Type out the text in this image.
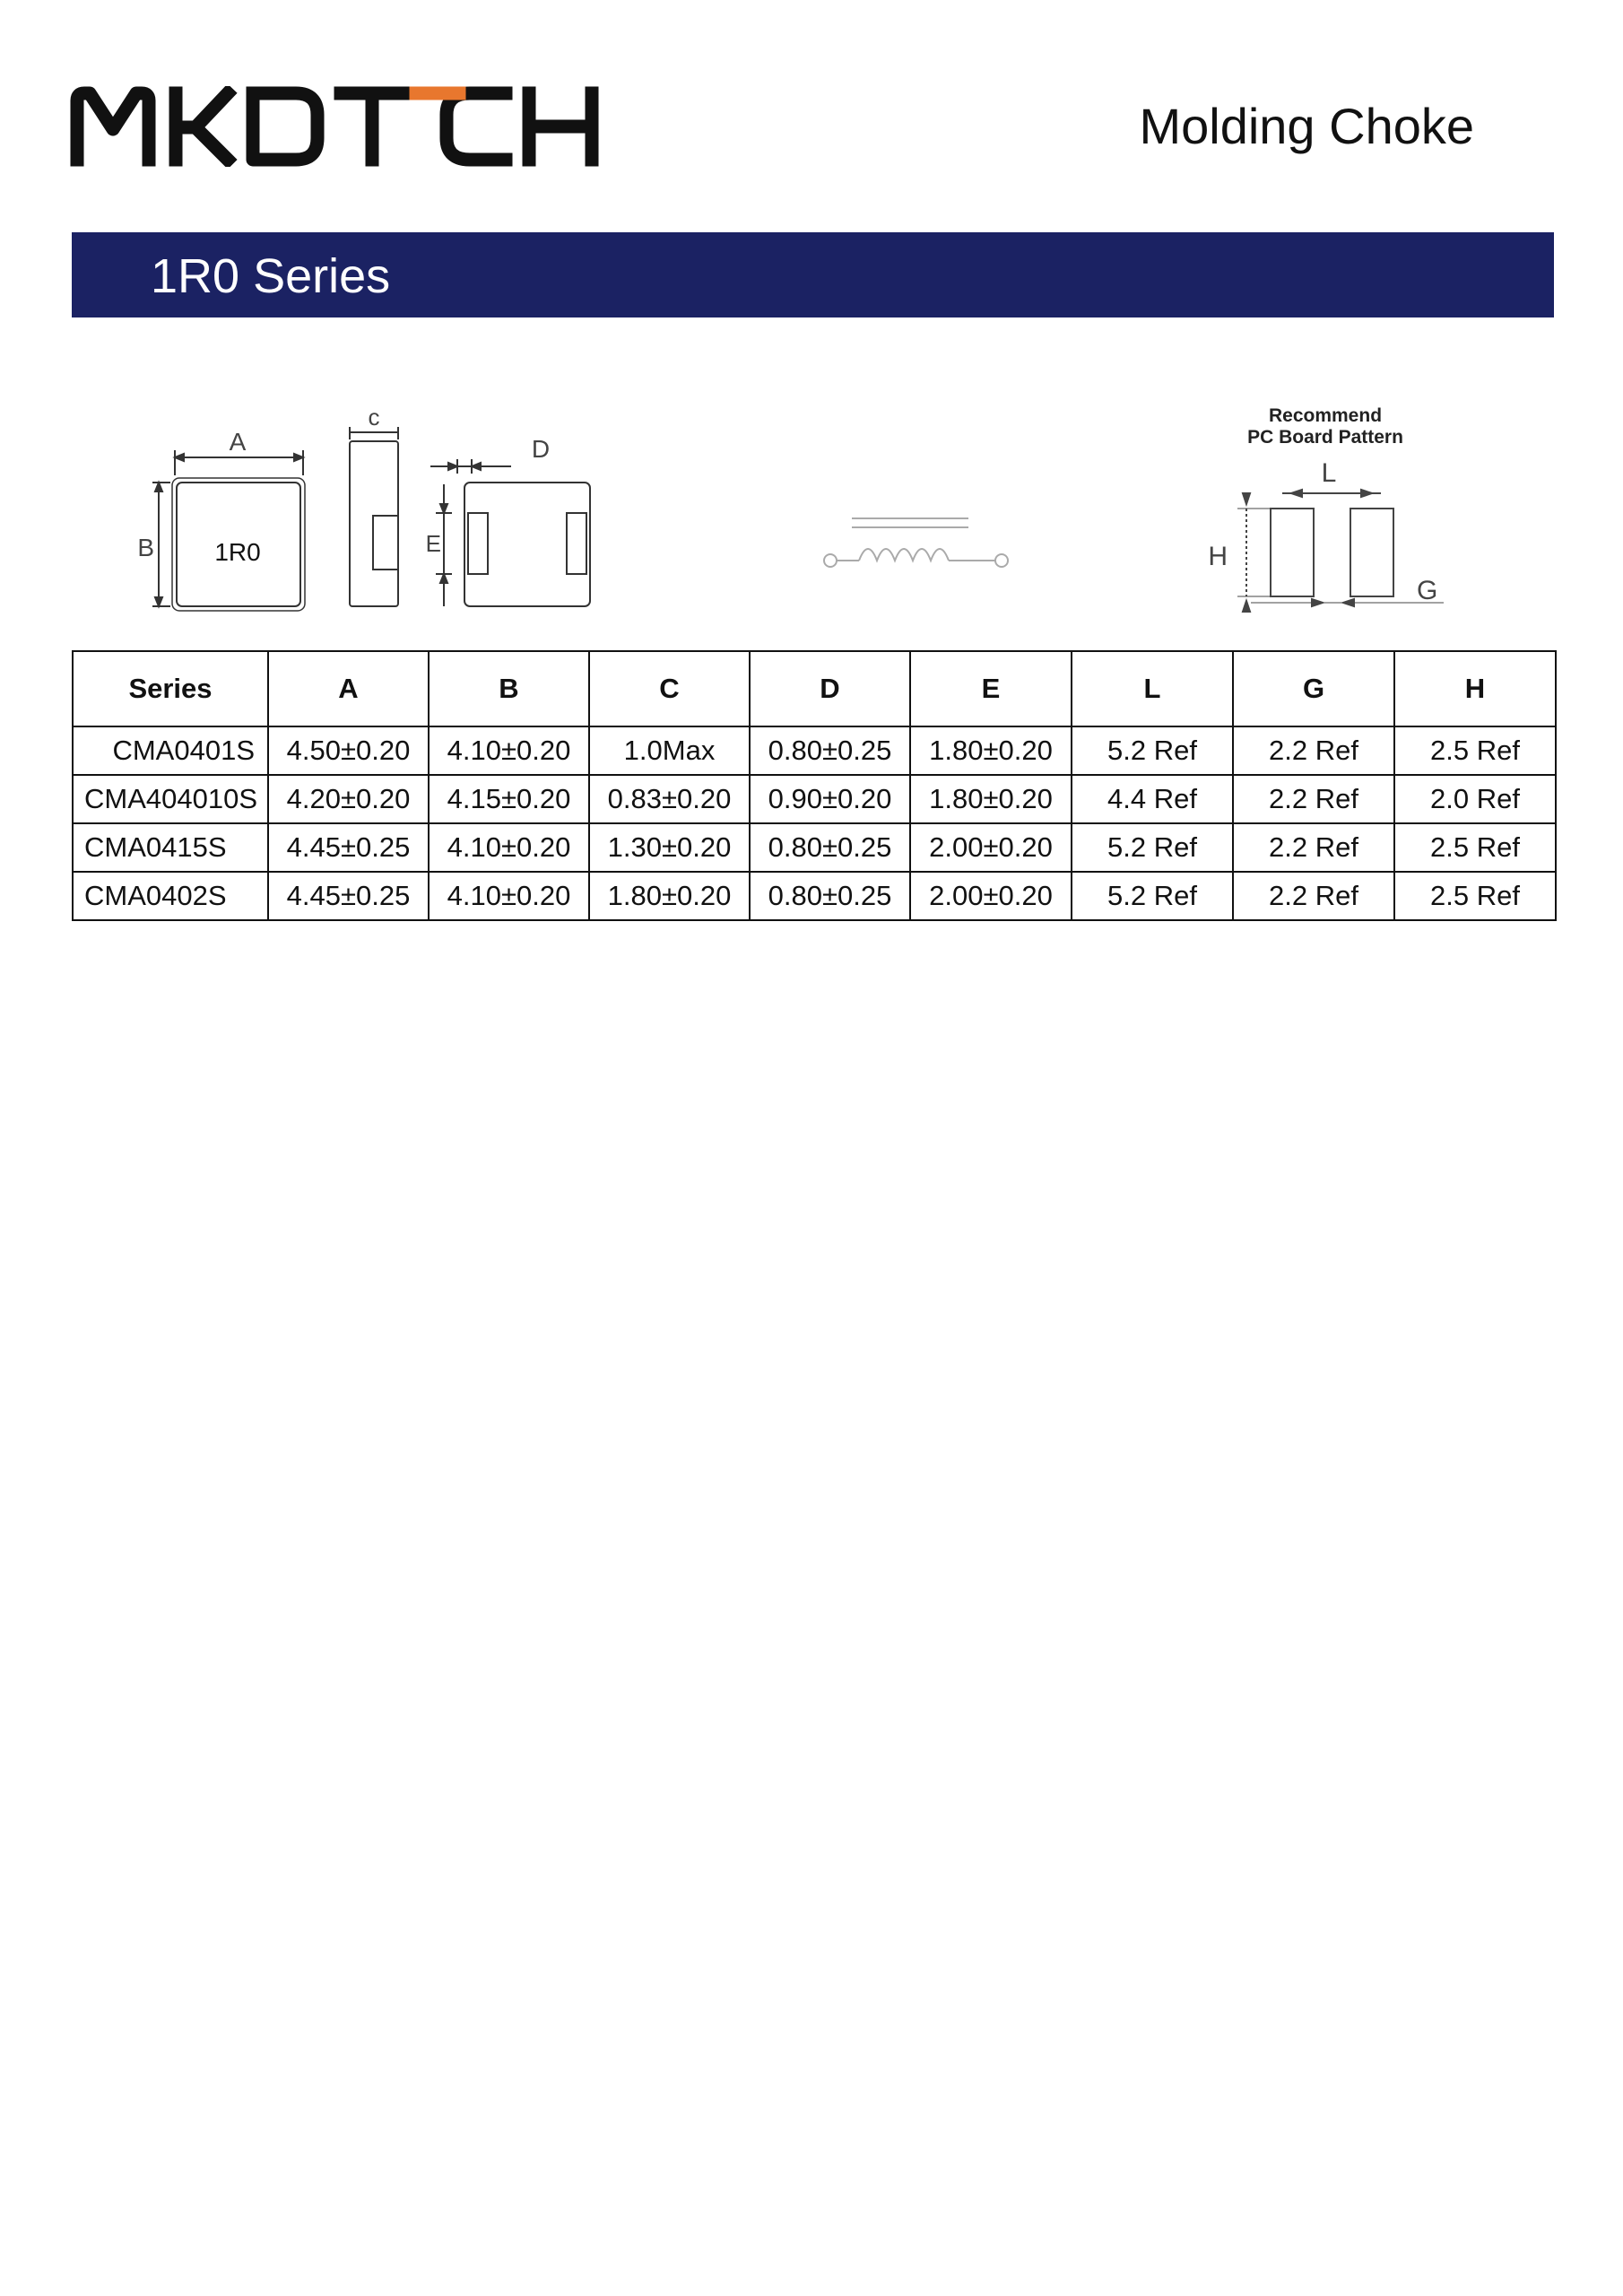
Molding Choke
1R0 Series
A
B 1R0
c
D
E
Recommend
PC Board Pattern
L
H
G
Series	A	B	C	D	E	L	G	H
CMA0401S	4.50±0.20	4.10±0.20	1.0Max	0.80±0.25	1.80±0.20	5.2 Ref	2.2 Ref	2.5 Ref
CMA404010S	4.20±0.20	4.15±0.20	0.83±0.20	0.90±0.20	1.80±0.20	4.4 Ref	2.2 Ref	2.0 Ref
CMA0415S	4.45±0.25	4.10±0.20	1.30±0.20	0.80±0.25	2.00±0.20	5.2 Ref	2.2 Ref	2.5 Ref
CMA0402S	4.45±0.25	4.10±0.20	1.80±0.20	0.80±0.25	2.00±0.20	5.2 Ref	2.2 Ref	2.5 Ref
